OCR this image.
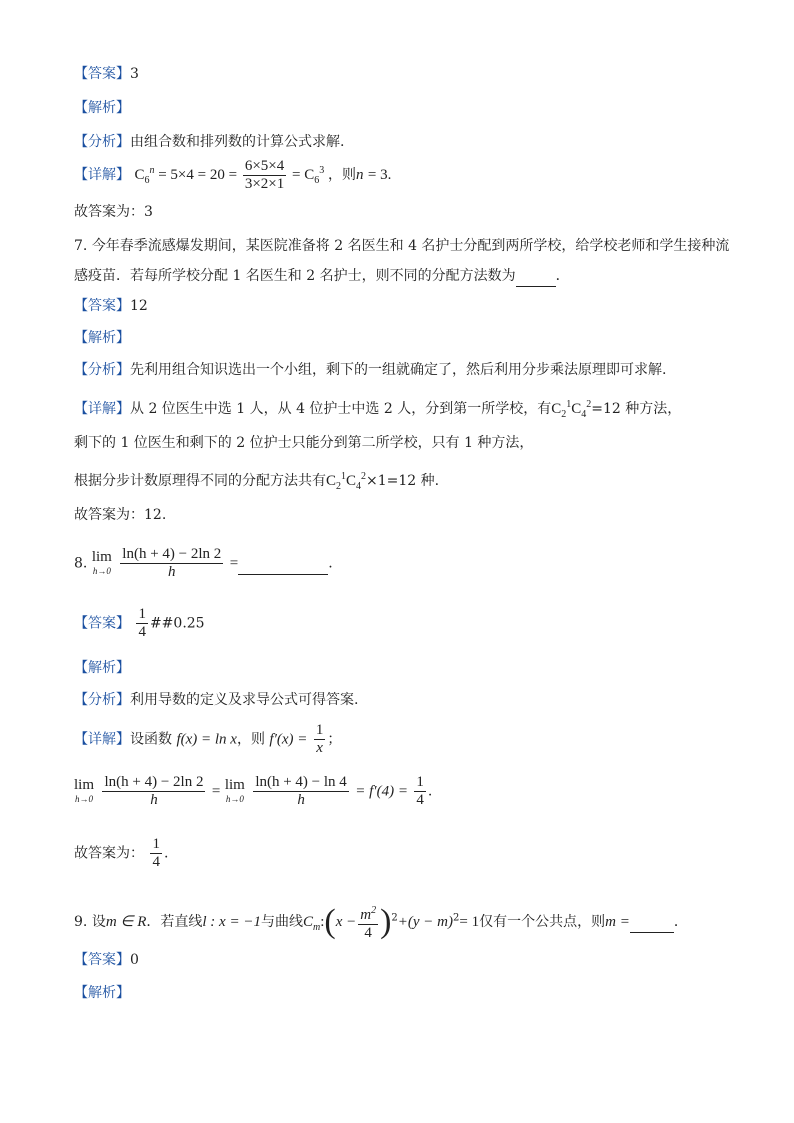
【答案】3
【解析】
【分析】由组合数和排列数的计算公式求解.
【详解】 $C_6^n = 5\times 4 = 20 = \frac{6\times 5\times 4}{3\times 2\times 1} = C_6^3$ ，则n = 3.
故答案为：3
7. 今年春季流感爆发期间，某医院准备将 2 名医生和 4 名护士分配到两所学校，给学校老师和学生接种流
感疫苗．若每所学校分配 1 名医生和 2 名护士，则不同的分配方法数为	．
【答案】12
【解析】
【分析】先利用组合知识选出一个小组，剩下的一组就确定了，然后利用分步乘法原理即可求解.
【详解】从 2 位医生中选 1 人，从 4 位护士中选 2 人，分到第一所学校，有$C_2^1C_4^2=12$ 种方法，
剩下的 1 位医生和剩下的 2 位护士只能分到第二所学校，只有 1 种方法，
根据分步计数原理得不同的分配方法共有$C_2^1C_4^2\times 1=12$ 种.
故答案为：12.
8. lim
h→0
$\frac{\ln(h + 4) - 2\ln 2}{h}$ =	.
【答案】 $\frac{1}{4}$ ##0.25
【解析】
【分析】利用导数的定义及求导公式可得答案.
【详解】设函数 f(x) = ln x，则 $f'(x) = \frac{1}{x}$ ；
lim
h→0
$\frac{\ln(h + 4) - 2\ln 2}{h} = \lim$
h→0
$\frac{\ln(h + 4) - \ln 4}{h} = f'(4) = \frac{1}{4}$ .
故答案为： $\frac{1}{4}$ .
9. 设m ∈ R．若直线l : x = −1与曲线$C_m:(x - \frac{m^2}{4} )^2+(y - m)^2= 1$仅有一个公共点，则m =	．
【答案】0
【解析】
